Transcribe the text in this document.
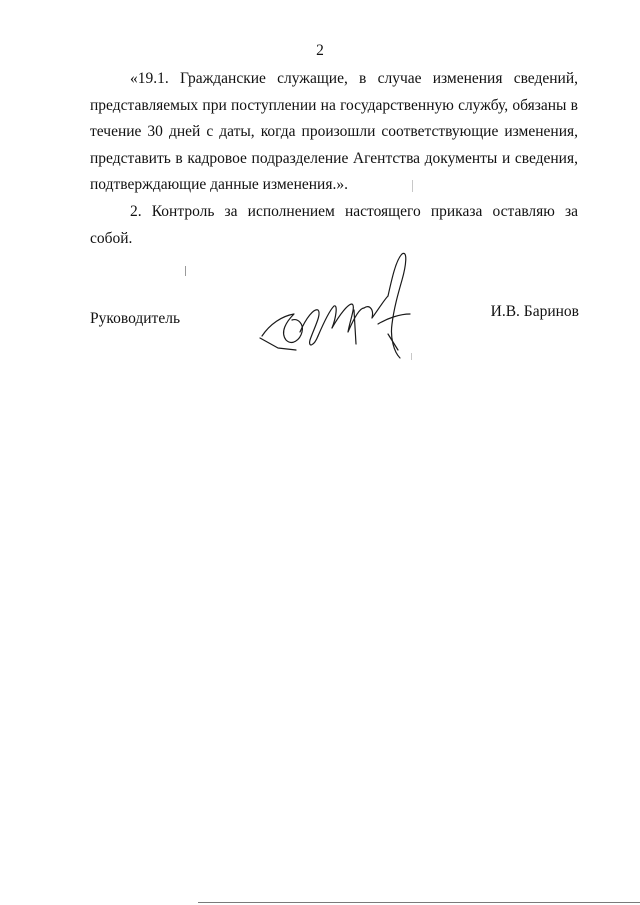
2

«19.1. Гражданские служащие, в случае изменения сведений, представляемых при поступлении на государственную службу, обязаны в течение 30 дней с даты, когда произошли соответствующие изменения, представить в кадровое подразделение Агентства документы и сведения, подтверждающие данные изменения.».

2. Контроль за исполнением настоящего приказа оставляю за собой.

Руководитель	И.В. Баринов
